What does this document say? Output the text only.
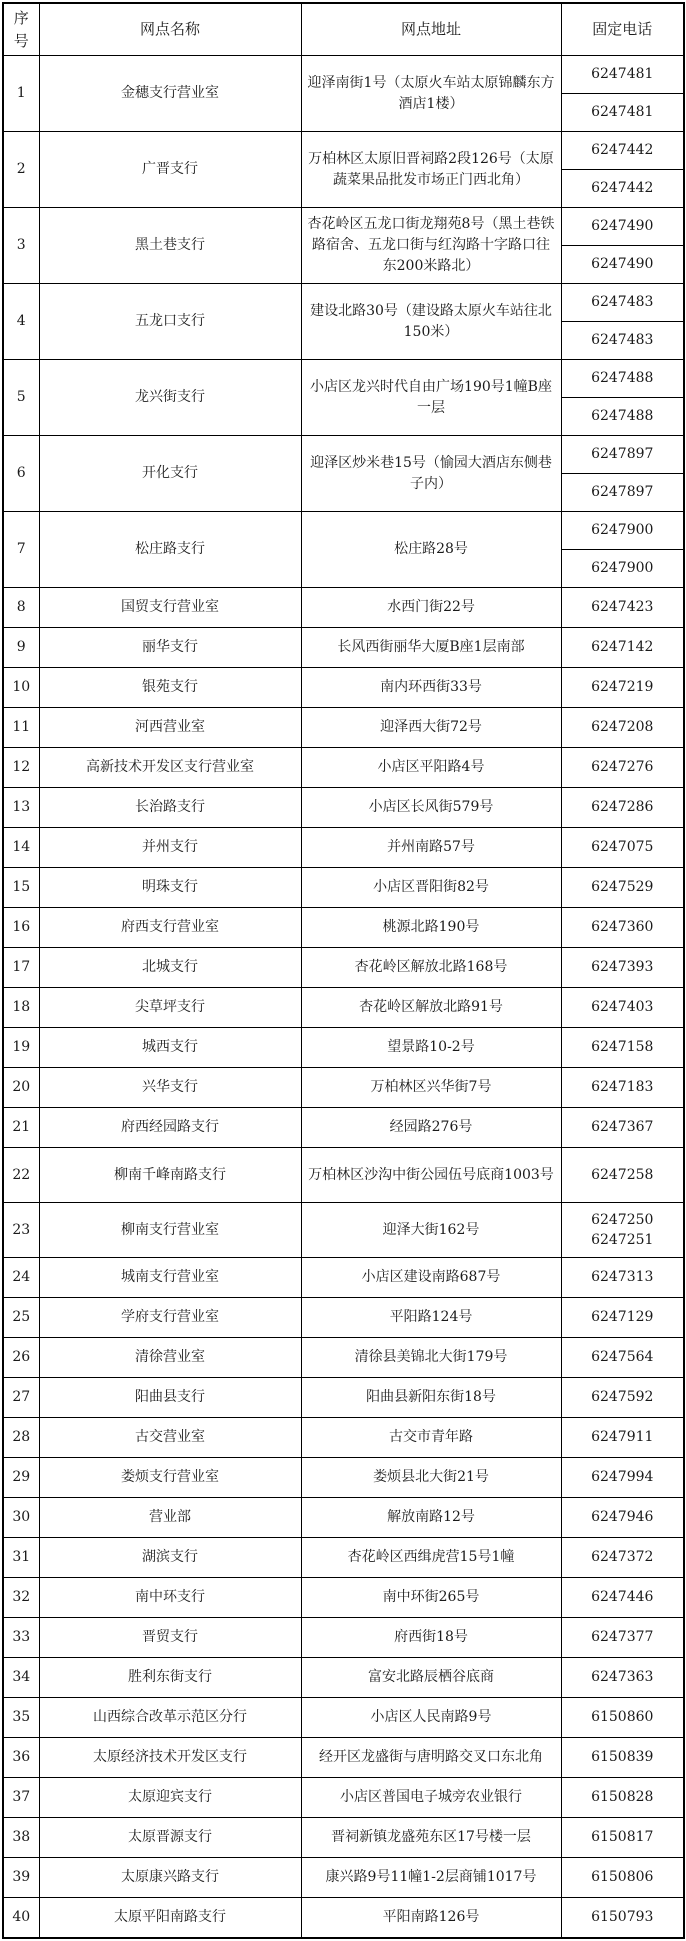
序号	网点名称	网点地址	固定电话
1	金穗支行营业室	迎泽南街1号（太原火车站太原锦麟东方酒店1楼）	6247481
			6247481
2	广晋支行	万柏林区太原旧晋祠路2段126号（太原蔬菜果品批发市场正门西北角）	6247442
			6247442
3	黑土巷支行	杏花岭区五龙口街龙翔苑8号（黑土巷铁路宿舍、五龙口街与红沟路十字路口往东200米路北）	6247490
			6247490
4	五龙口支行	建设北路30号（建设路太原火车站往北150米）	6247483
			6247483
5	龙兴街支行	小店区龙兴时代自由广场190号1幢B座一层	6247488
			6247488
6	开化支行	迎泽区炒米巷15号（愉园大酒店东侧巷子内）	6247897
			6247897
7	松庄路支行	松庄路28号	6247900
			6247900
8	国贸支行营业室	水西门街22号	6247423

9	丽华支行	长风西街丽华大厦B座1层南部	6247142

10	银苑支行	南内环西街33号	6247219

11	河西营业室	迎泽西大街72号	6247208

12	高新技术开发区支行营业室	小店区平阳路4号	6247276

13	长治路支行	小店区长风街579号	6247286

14	并州支行	并州南路57号	6247075

15	明珠支行	小店区晋阳街82号	6247529

16	府西支行营业室	桃源北路190号	6247360

17	北城支行	杏花岭区解放北路168号	6247393

18	尖草坪支行	杏花岭区解放北路91号	6247403

19	城西支行	望景路10-2号	6247158

20	兴华支行	万柏林区兴华街7号	6247183

21	府西经园路支行	经园路276号	6247367

22	柳南千峰南路支行	万柏林区沙沟中街公园伍号底商1003号	6247258

23	柳南支行营业室	迎泽大街162号	6247250
6247251

24	城南支行营业室	小店区建设南路687号	6247313

25	学府支行营业室	平阳路124号	6247129

26	清徐营业室	清徐县美锦北大街179号	6247564

27	阳曲县支行	阳曲县新阳东街18号	6247592

28	古交营业室	古交市青年路	6247911

29	娄烦支行营业室	娄烦县北大街21号	6247994

30	营业部	解放南路12号	6247946

31	湖滨支行	杏花岭区西缉虎营15号1幢	6247372

32	南中环支行	南中环街265号	6247446

33	晋贸支行	府西街18号	6247377

34	胜利东街支行	富安北路辰栖谷底商	6247363

35	山西综合改革示范区分行	小店区人民南路9号	6150860

36	太原经济技术开发区支行	经开区龙盛街与唐明路交叉口东北角	6150839

37	太原迎宾支行	小店区普国电子城旁农业银行	6150828

38	太原晋源支行	晋祠新镇龙盛苑东区17号楼一层	6150817

39	太原康兴路支行	康兴路9号11幢1-2层商铺1017号	6150806

40	太原平阳南路支行	平阳南路126号	6150793
